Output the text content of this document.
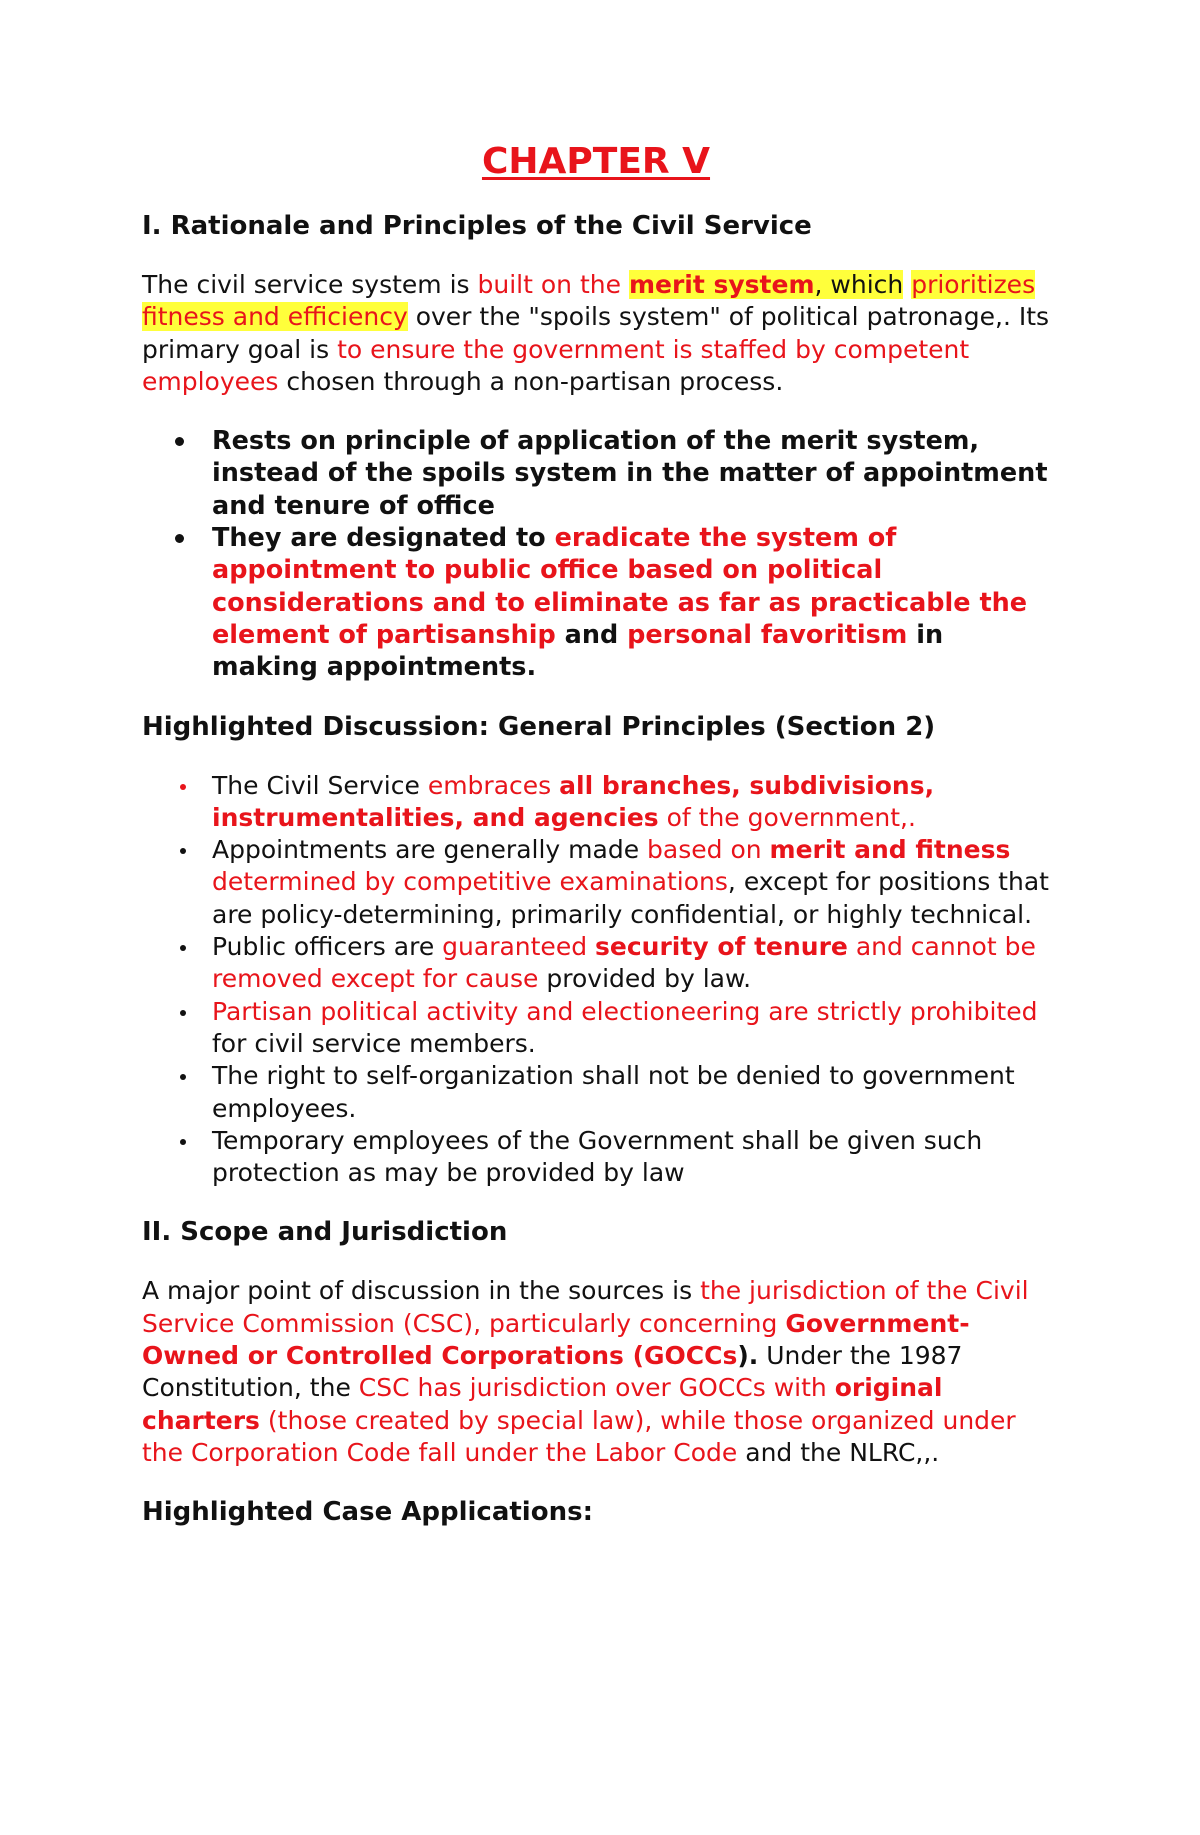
CHAPTER V
I. Rationale and Principles of the Civil Service
The civil service system is built on the merit system, which prioritizes fitness and efficiency over the "spoils system" of political patronage,. Its primary goal is to ensure the government is staffed by competent employees chosen through a non-partisan process.
Rests on principle of application of the merit system, instead of the spoils system in the matter of appointment and tenure of office
They are designated to eradicate the system of appointment to public office based on political considerations and to eliminate as far as practicable the element of partisanship and personal favoritism in making appointments.
Highlighted Discussion: General Principles (Section 2)
The Civil Service embraces all branches, subdivisions, instrumentalities, and agencies of the government,.
Appointments are generally made based on merit and fitness determined by competitive examinations, except for positions that are policy-determining, primarily confidential, or highly technical.
Public officers are guaranteed security of tenure and cannot be removed except for cause provided by law.
Partisan political activity and electioneering are strictly prohibited for civil service members.
The right to self-organization shall not be denied to government employees.
Temporary employees of the Government shall be given such protection as may be provided by law
II. Scope and Jurisdiction
A major point of discussion in the sources is the jurisdiction of the Civil Service Commission (CSC), particularly concerning Government-Owned or Controlled Corporations (GOCCs). Under the 1987 Constitution, the CSC has jurisdiction over GOCCs with original charters (those created by special law), while those organized under the Corporation Code fall under the Labor Code and the NLRC,,.
Highlighted Case Applications:
